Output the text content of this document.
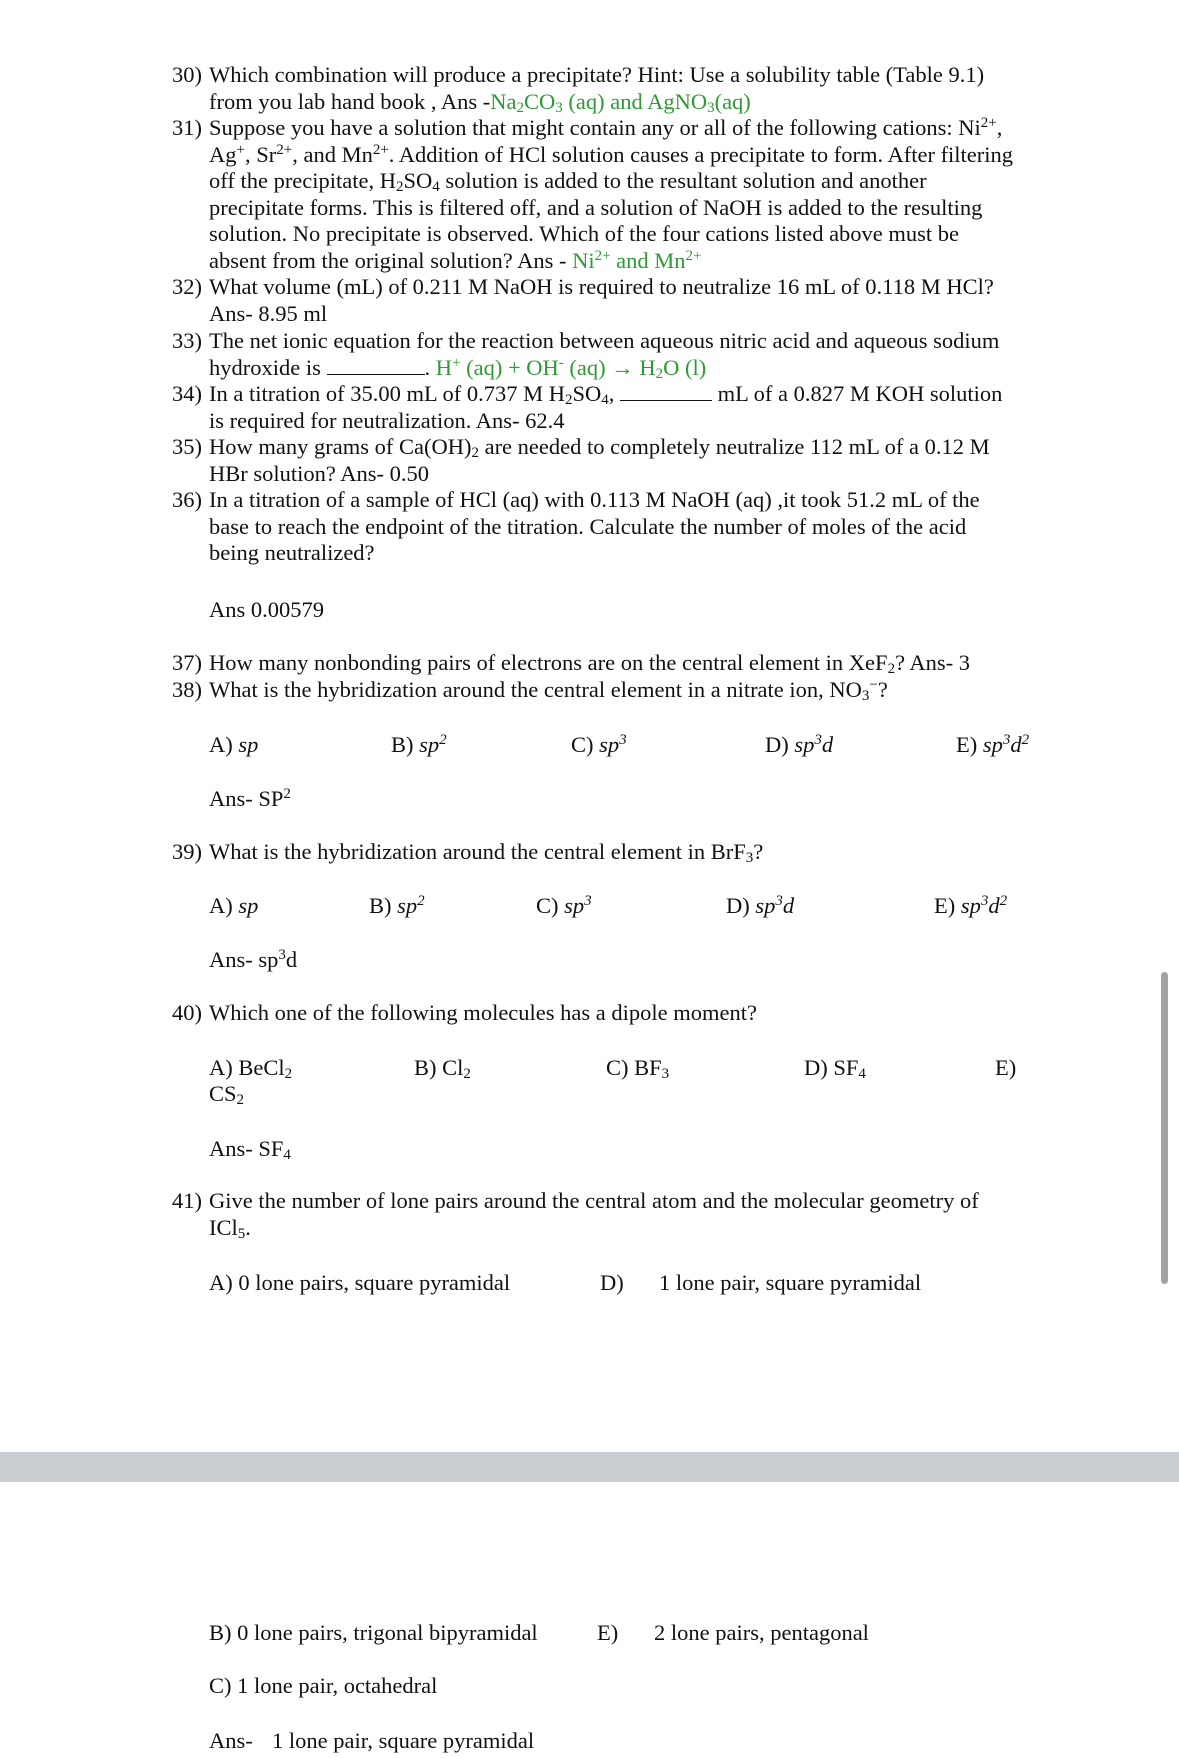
30) Which combination will produce a precipitate? Hint: Use a solubility table (Table 9.1)
from you lab hand book , Ans $-Na_2CO_3$ (aq) and AgNO$_3$(aq)
31) Suppose you have a solution that might contain any or all of the following cations: $Ni^{2+}$,
Ag+, $Sr^{2+}$, and $Mn^{2+}$. Addition of HCl solution causes a precipitate to form. After filtering
off the precipitate, $H_2SO_4$ solution is added to the resultant solution and another
precipitate forms. This is filtered off, and a solution of NaOH is added to the resulting
solution. No precipitate is observed. Which of the four cations listed above must be
absent from the original solution? Ans - $Ni^{2+}$ and $Mn^{2+}$
32) What volume (mL) of 0.211 M NaOH is required to neutralize 16 mL of 0.118 M HCl?
Ans- 8.95 ml
33) The net ionic equation for the reaction between aqueous nitric acid and aqueous sodium
hydroxide is	. H+ (aq) + OH- $(aq) \to H_2O$ (l)
34) In a titration of 35.00 mL of 0.737 M $H_2SO_4$,	mL of a 0.827 M KOH solution
is required for neutralization. Ans- 62.4
35) How many grams of $Ca(OH)_2$ are needed to completely neutralize 112 mL of a 0.12 M
HBr solution? Ans- 0.50
36) In a titration of a sample of HCl (aq) with 0.113 M NaOH (aq) ,it took 51.2 mL of the
base to reach the endpoint of the titration. Calculate the number of moles of the acid
being neutralized?
Ans 0.00579
37) How many nonbonding pairs of electrons are on the central element in XeF$_2$? Ans- 3
38) What is the hybridization around the central element in a nitrate ion, $NO_3^-$?
A) sp	B) $sp^2$	C) $sp^3$	D) $sp^3d$	E) $sp^3d^2$
Ans- $SP^2$
39) What is the hybridization around the central element in BrF$_3$?
A) sp	B) $sp^2$	C) $sp^3$	D) $sp^3d$	E) $sp^3d^2$
Ans- $sp^3d$
40) Which one of the following molecules has a dipole moment?
A) BeCl$_2$	B) $Cl_2$	C) $BF_3$	D) $SF_4$	E)
$CS_2$
Ans- $SF_4$
41) Give the number of lone pairs around the central atom and the molecular geometry of
ICl$_5$.
A) 0 lone pairs, square pyramidal	D) 1 lone pair, square pyramidal
B) 0 lone pairs, trigonal bipyramidal	E) 2 lone pairs, pentagonal
C) 1 lone pair, octahedral
Ans- 1 lone pair, square pyramidal
